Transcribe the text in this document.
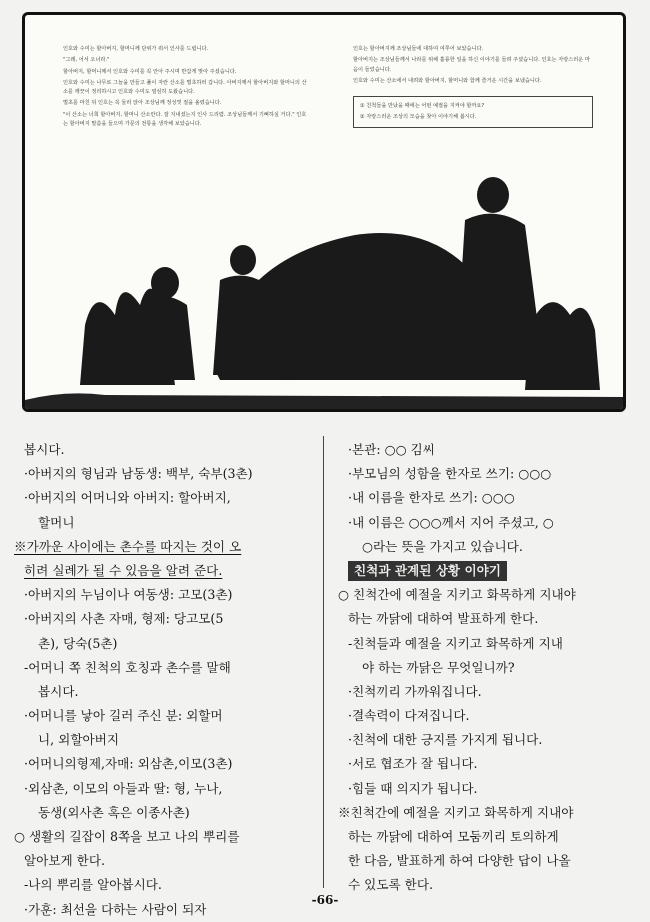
인호와 수미는 할아버지, 할머니께 단위가 줘서 인사를 드립니다.

"그래, 어서 오너라."

할아버지, 할머니께서 인호와 수미를 꼭 안아 주시며 반갑게 맞아 주셨습니다.

인호와 수미는 나무로 그늘을 만들고 풀이 자란 산소를 벌초하러 갑니다. 아버지께서 할아버지와 할머니의 산소를 깨끗이 정리하시고 인호와 수미도 열심히 도왔습니다.

벌초를 마친 뒤 인호는 꼭 둘러 앉아 조상님께 정성껏 절을 올렸습니다.

"이 산소는 너희 할아버지, 할머니 산소란다. 잘 지내셨는지 인사 드리렴. 조상님들께서 기뻐하실 거다." 인호는 할아버지 말씀을 들으며 가문의 전통을 생각해 보았습니다.

인호는 할아버지께 조상님들에 대하여 여쭈어 보았습니다.

할아버지는 조상님들께서 나라를 위해 훌륭한 일을 하신 이야기를 들려 주셨습니다. 인호는 자랑스러운 마음이 들었습니다.

인호와 수미는 산소에서 내려와 할아버지, 할머니와 함께 즐거운 시간을 보냈습니다.

① 친척들을 만났을 때에는 어떤 예절을 지켜야 할까요?
② 자랑스러운 조상의 모습을 찾아 이야기해 봅시다.
봅시다.
·아버지의 형님과 남동생: 백부, 숙부(3촌)
·아버지의 어머니와 아버지: 할아버지,
할머니
※가까운 사이에는 촌수를 따지는 것이 오
히려 실례가 될 수 있음을 알려 준다.
·아버지의 누님이나 여동생: 고모(3촌)
·아버지의 사촌 자매, 형제: 당고모(5
촌), 당숙(5촌)
-어머니 쪽 친척의 호칭과 촌수를 말해
봅시다.
·어머니를 낳아 길러 주신 분: 외할머
니, 외할아버지
·어머니의형제,자매: 외삼촌,이모(3촌)
·외삼촌, 이모의 아들과 딸: 형, 누나,
동생(외사촌 혹은 이종사촌)
○ 생활의 길잡이 8쪽을 보고 나의 뿌리를
알아보게 한다.
-나의 뿌리를 알아봅시다.
·가훈: 최선을 다하는 사람이 되자
·본관: ○○ 김씨
·부모님의 성함을 한자로 쓰기: ○○○
·내 이름을 한자로 쓰기: ○○○
·내 이름은 ○○○께서 지어 주셨고, ○
○라는 뜻을 가지고 있습니다.
친척과 관계된 상황 이야기
○ 친척간에 예절을 지키고 화목하게 지내야
하는 까닭에 대하여 발표하게 한다.
-친척들과 예절을 지키고 화목하게 지내
야 하는 까닭은 무엇일니까?
·친척끼리 가까워집니다.
·결속력이 다져집니다.
·친척에 대한 긍지를 가지게 됩니다.
·서로 협조가 잘 됩니다.
·힘들 때 의지가 됩니다.
※친척간에 예절을 지키고 화목하게 지내야
하는 까닭에 대하여 모둠끼리 토의하게
한 다음, 발표하게 하여 다양한 답이 나올
수 있도록 한다.
-66-
